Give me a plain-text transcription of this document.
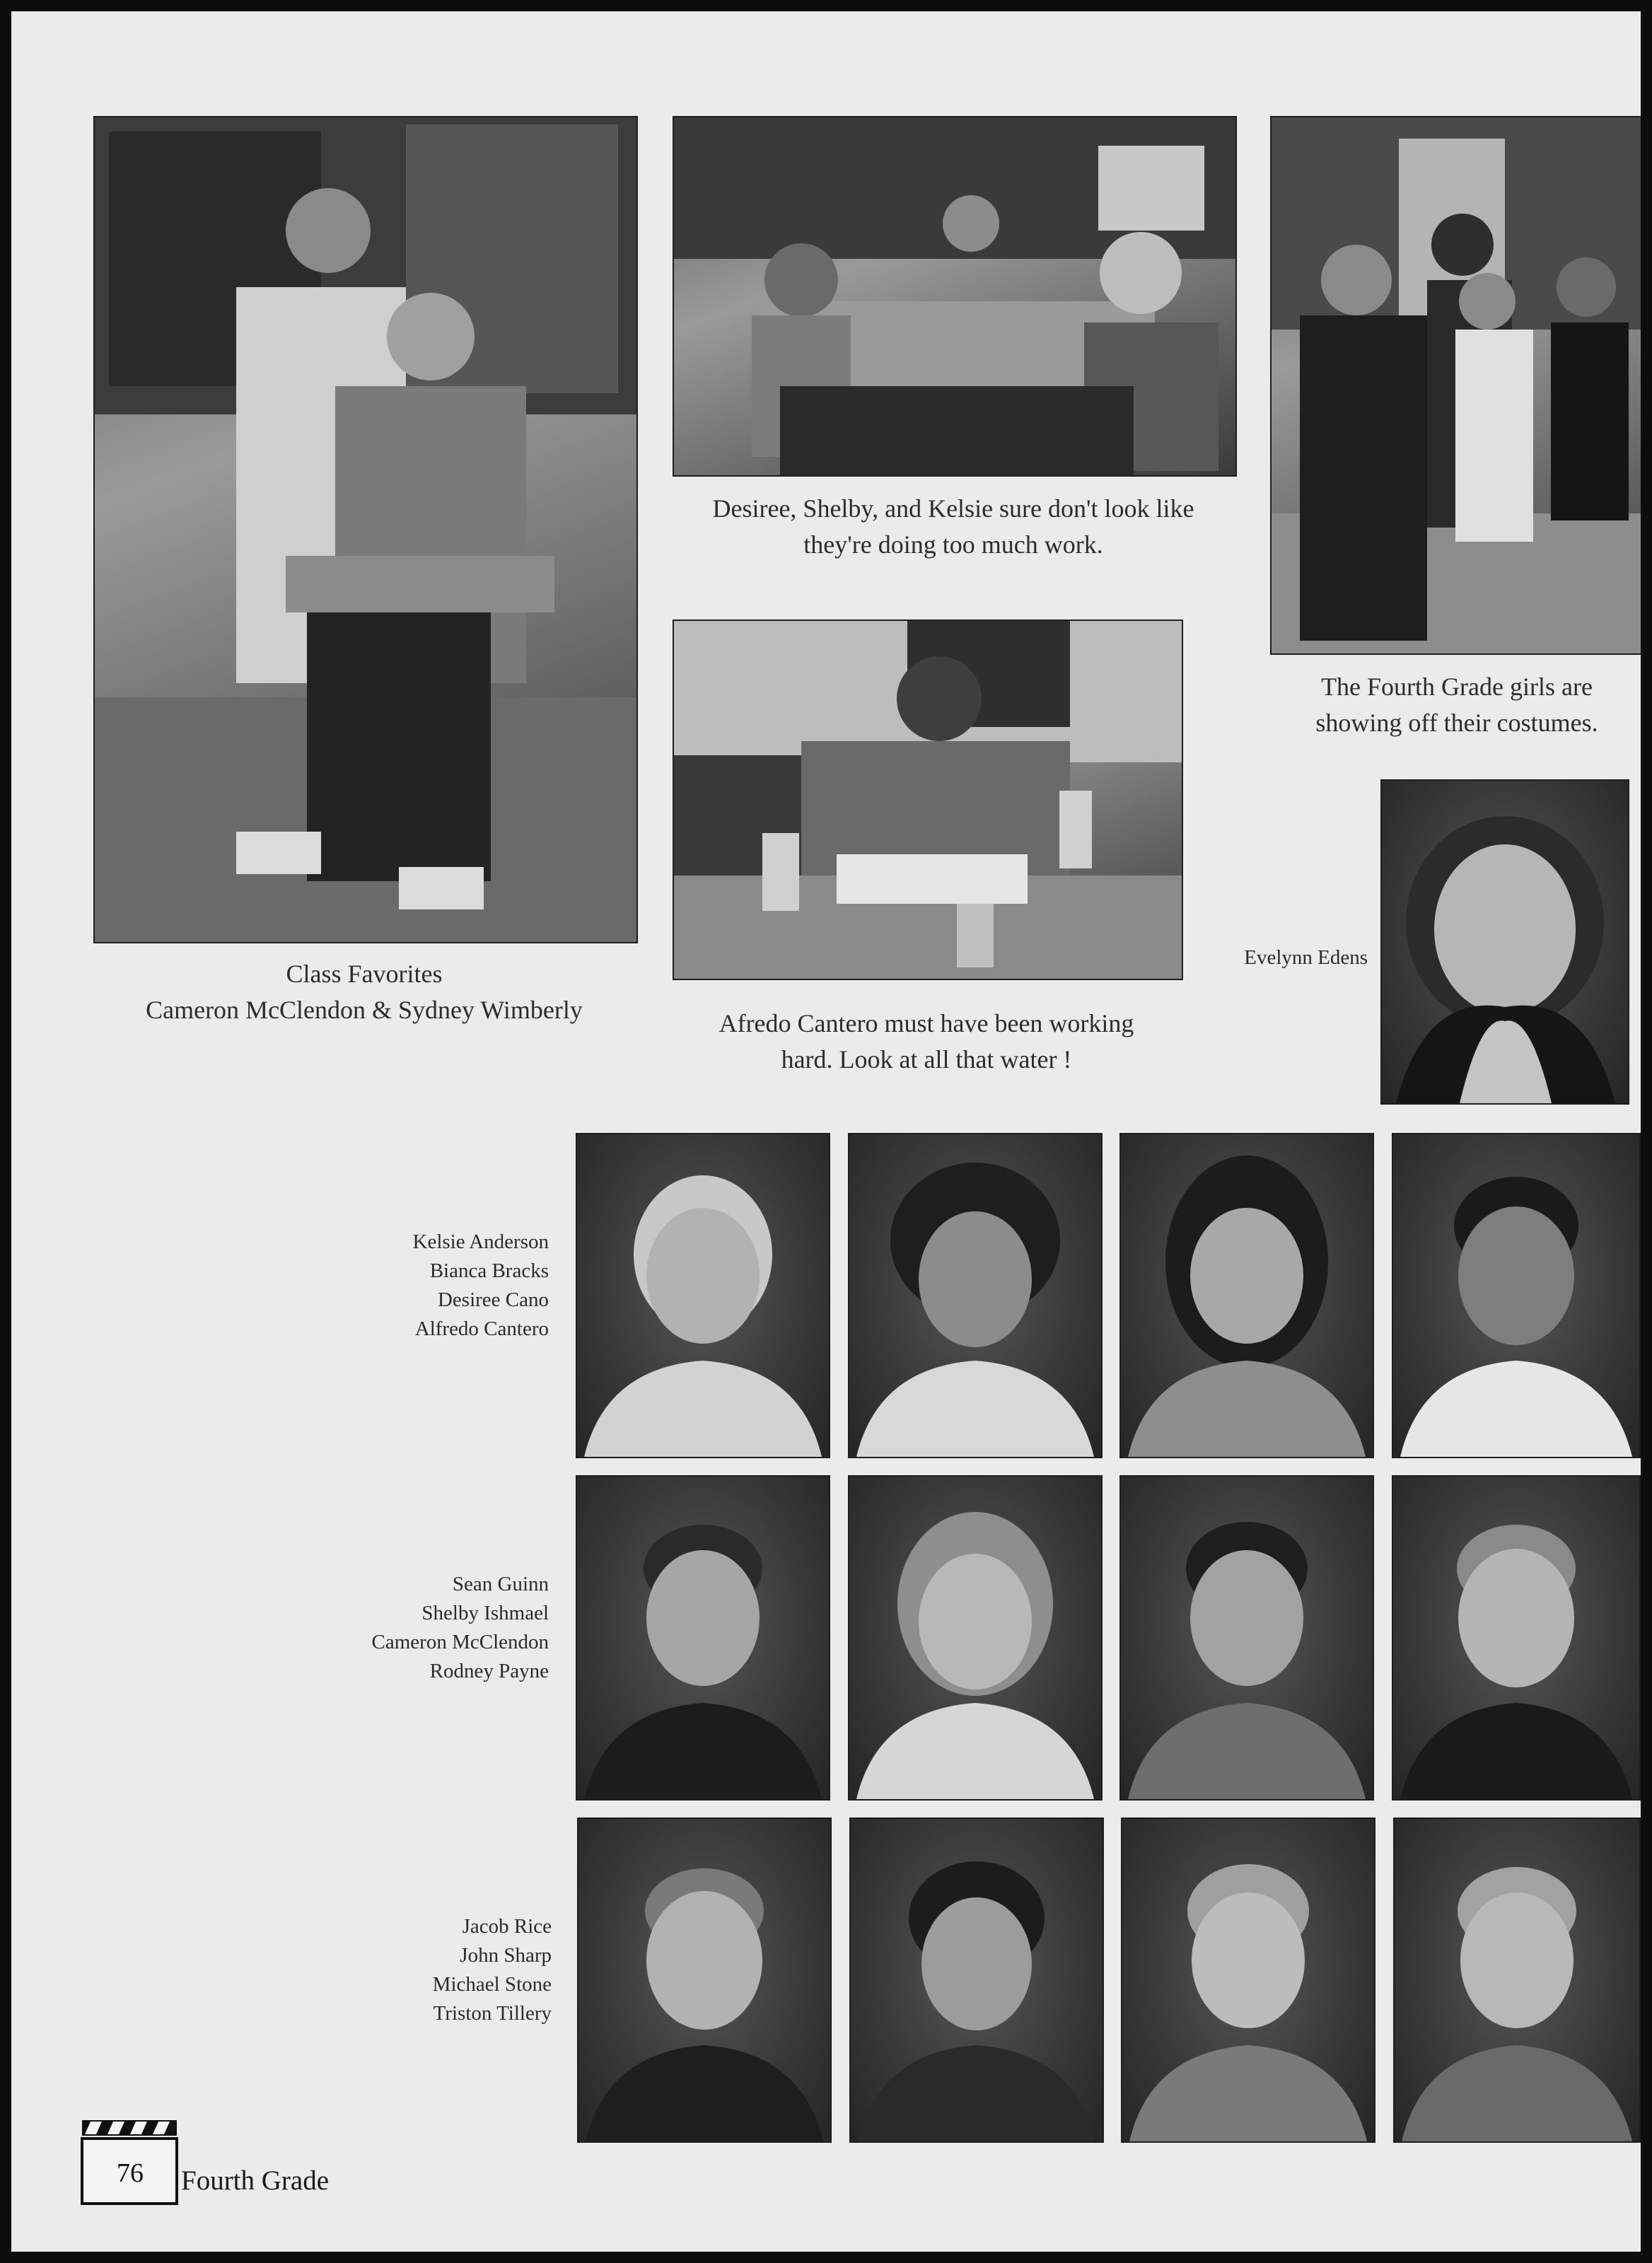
Class Favorites
Cameron McClendon & Sydney Wimberly
Desiree, Shelby, and Kelsie sure don't look like
they're doing too much work.
The Fourth Grade girls are
showing off their costumes.
Afredo Cantero must have been working
hard. Look at all that water !
Evelynn Edens
Kelsie Anderson
Bianca Bracks
Desiree Cano
Alfredo Cantero
Sean Guinn
Shelby Ishmael
Cameron McClendon
Rodney Payne
Jacob Rice
John Sharp
Michael Stone
Triston Tillery
76	Fourth Grade
